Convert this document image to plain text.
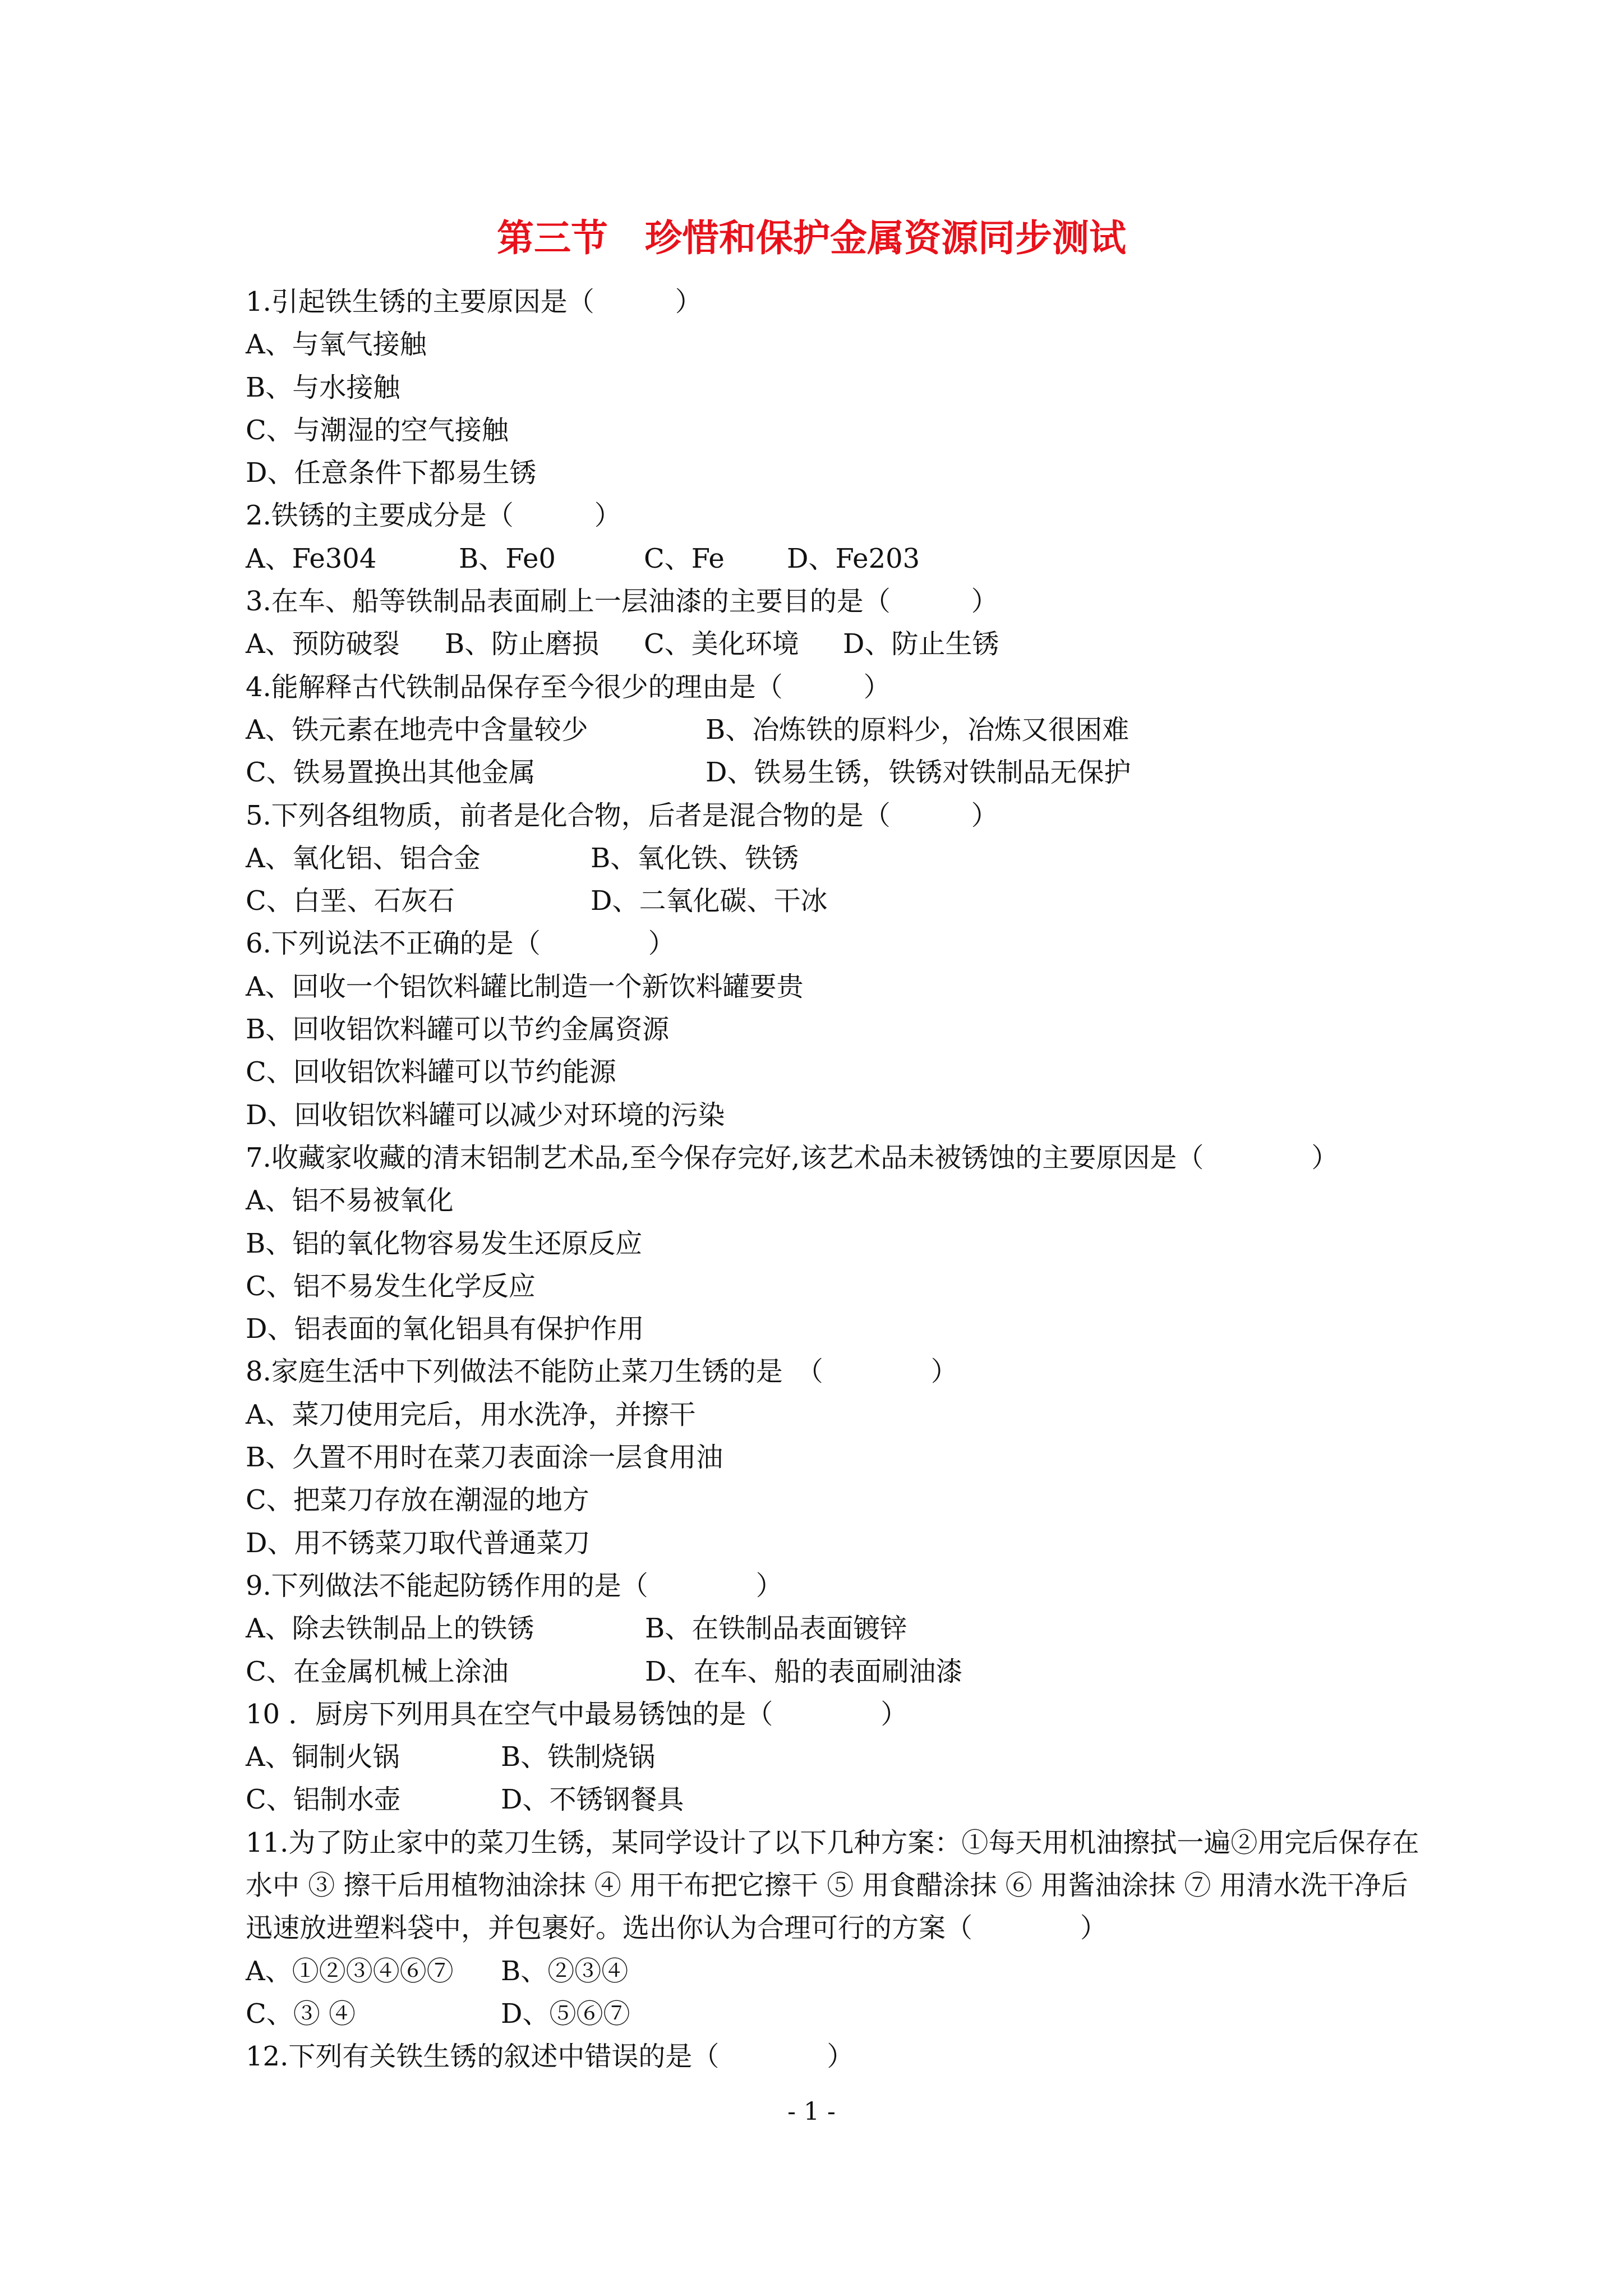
第三节　珍惜和保护金属资源同步测试
1.引起铁生锈的主要原因是（　　　）
A、与氧气接触
B、与水接触
C、与潮湿的空气接触
D、任意条件下都易生锈
2.铁锈的主要成分是（　　　）
A、Fe304	B、Fe0	C、Fe	D、Fe203
3.在车、船等铁制品表面刷上一层油漆的主要目的是（　　　）
A、预防破裂	B、防止磨损	C、美化环境	D、防止生锈
4.能解释古代铁制品保存至今很少的理由是（　　　）
A、铁元素在地壳中含量较少	B、冶炼铁的原料少，冶炼又很困难
C、铁易置换出其他金属	D、铁易生锈，铁锈对铁制品无保护
5.下列各组物质，前者是化合物，后者是混合物的是（　　　）
A、氧化铝、铝合金	B、氧化铁、铁锈
C、白垩、石灰石	D、二氧化碳、干冰
6.下列说法不正确的是（　　　　）
A、回收一个铝饮料罐比制造一个新饮料罐要贵
B、回收铝饮料罐可以节约金属资源
C、回收铝饮料罐可以节约能源
D、回收铝饮料罐可以减少对环境的污染
7.收藏家收藏的清末铝制艺术品,至今保存完好,该艺术品未被锈蚀的主要原因是（　　　　）
A、铝不易被氧化
B、铝的氧化物容易发生还原反应
C、铝不易发生化学反应
D、铝表面的氧化铝具有保护作用
8.家庭生活中下列做法不能防止菜刀生锈的是　（　　　　）
A、菜刀使用完后，用水洗净，并擦干
B、久置不用时在菜刀表面涂一层食用油
C、把菜刀存放在潮湿的地方
D、用不锈菜刀取代普通菜刀
9.下列做法不能起防锈作用的是（　　　　）
A、除去铁制品上的铁锈	B、在铁制品表面镀锌
C、在金属机械上涂油	D、在车、船的表面刷油漆
10 ．厨房下列用具在空气中最易锈蚀的是（　　　　）
A、铜制火锅	B、铁制烧锅
C、铝制水壶	D、不锈钢餐具
11.为了防止家中的菜刀生锈，某同学设计了以下几种方案：①每天用机油擦拭一遍②用完后保存在水中 ③ 擦干后用植物油涂抹 ④ 用干布把它擦干 ⑤ 用食醋涂抹 ⑥ 用酱油涂抹 ⑦ 用清水洗干净后迅速放进塑料袋中，并包裹好。选出你认为合理可行的方案（　　　　）
A、①②③④⑥⑦	B、②③④
C、③ ④	D、⑤⑥⑦
12.下列有关铁生锈的叙述中错误的是（　　　　）
- 1 -
